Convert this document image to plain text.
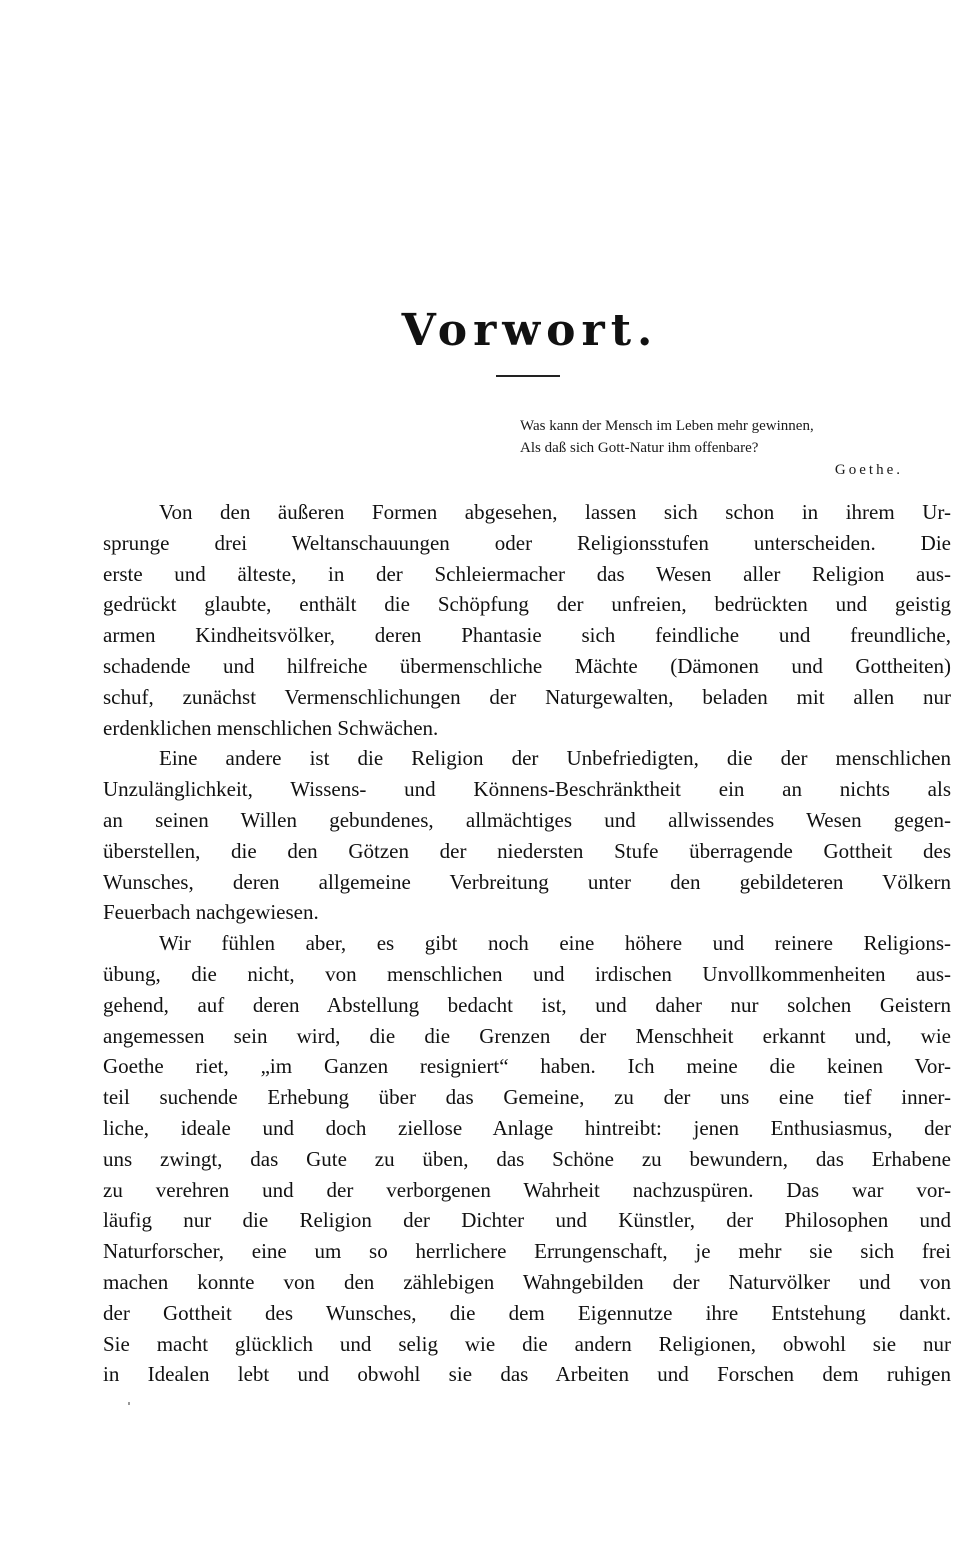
Vorwort.
Was kann der Mensch im Leben mehr gewinnen,
Als daß sich Gott-Natur ihm offenbare?
Goethe.
Von den äußeren Formen abgesehen, lassen sich schon in ihrem Ur-
sprunge drei Weltanschauungen oder Religionsstufen unterscheiden. Die
erste und älteste, in der Schleiermacher das Wesen aller Religion aus-
gedrückt glaubte, enthält die Schöpfung der unfreien, bedrückten und geistig
armen Kindheitsvölker, deren Phantasie sich feindliche und freundliche,
schadende und hilfreiche übermenschliche Mächte (Dämonen und Gottheiten)
schuf, zunächst Vermenschlichungen der Naturgewalten, beladen mit allen nur
erdenklichen menschlichen Schwächen.
Eine andere ist die Religion der Unbefriedigten, die der menschlichen
Unzulänglichkeit, Wissens- und Könnens-Beschränktheit ein an nichts als
an seinen Willen gebundenes, allmächtiges und allwissendes Wesen gegen-
überstellen, die den Götzen der niedersten Stufe überragende Gottheit des
Wunsches, deren allgemeine Verbreitung unter den gebildeteren Völkern
Feuerbach nachgewiesen.
Wir fühlen aber, es gibt noch eine höhere und reinere Religions-
übung, die nicht, von menschlichen und irdischen Unvollkommenheiten aus-
gehend, auf deren Abstellung bedacht ist, und daher nur solchen Geistern
angemessen sein wird, die die Grenzen der Menschheit erkannt und, wie
Goethe riet, „im Ganzen resigniert“ haben. Ich meine die keinen Vor-
teil suchende Erhebung über das Gemeine, zu der uns eine tief inner-
liche, ideale und doch ziellose Anlage hintreibt: jenen Enthusiasmus, der
uns zwingt, das Gute zu üben, das Schöne zu bewundern, das Erhabene
zu verehren und der verborgenen Wahrheit nachzuspüren. Das war vor-
läufig nur die Religion der Dichter und Künstler, der Philosophen und
Naturforscher, eine um so herrlichere Errungenschaft, je mehr sie sich frei
machen konnte von den zählebigen Wahngebilden der Naturvölker und von
der Gottheit des Wunsches, die dem Eigennutze ihre Entstehung dankt.
Sie macht glücklich und selig wie die andern Religionen, obwohl sie nur
in Idealen lebt und obwohl sie das Arbeiten und Forschen dem ruhigen
